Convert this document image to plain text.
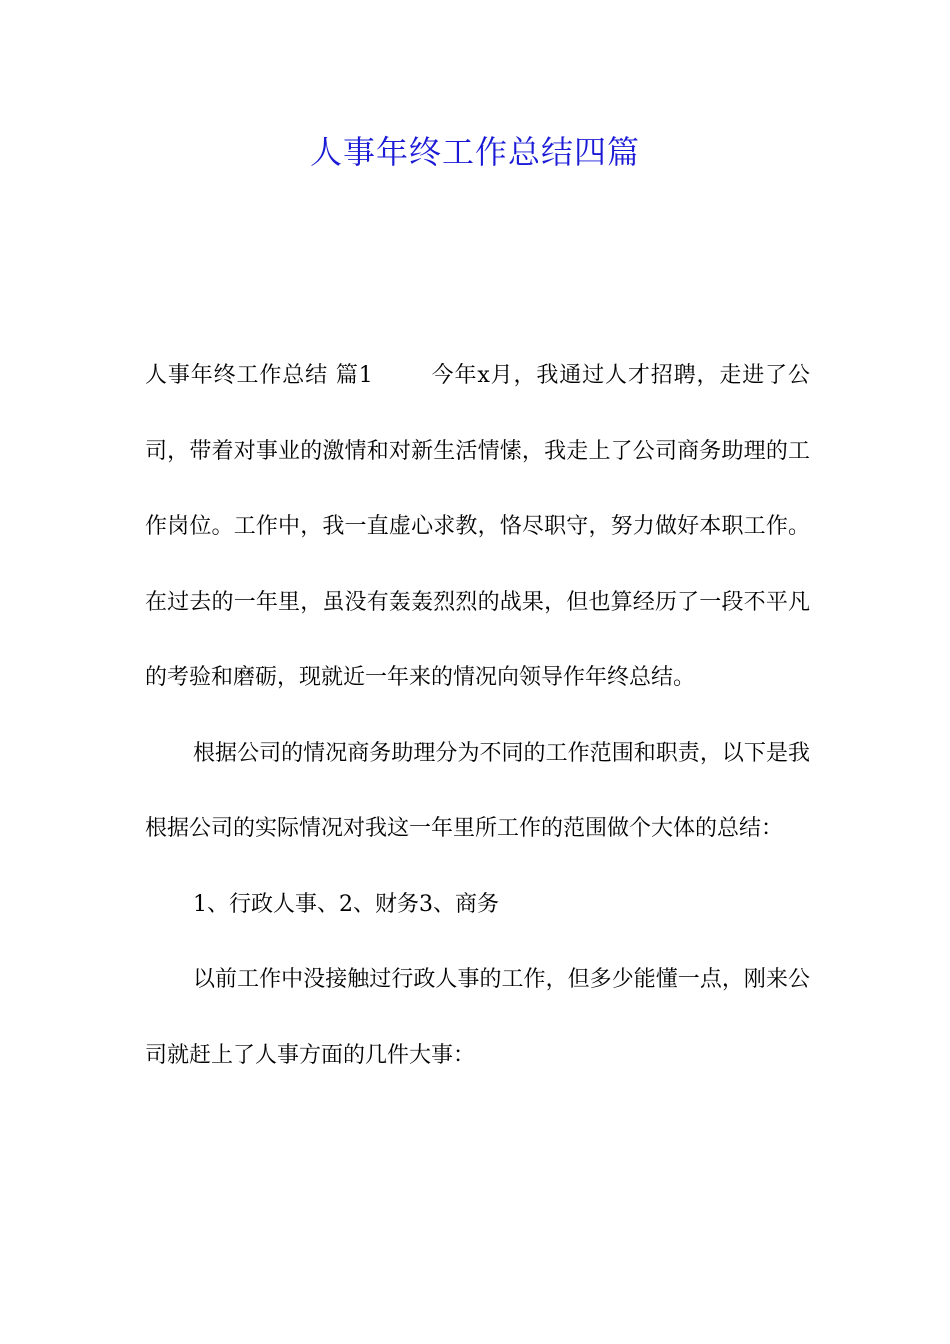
人事年终工作总结四篇

人事年终工作总结 篇1	今年x月，我通过人才招聘，走进了公司，带着对事业的激情和对新生活情愫，我走上了公司商务助理的工作岗位。工作中，我一直虚心求教，恪尽职守，努力做好本职工作。在过去的一年里，虽没有轰轰烈烈的战果，但也算经历了一段不平凡的考验和磨砺，现就近一年来的情况向领导作年终总结。

根据公司的情况商务助理分为不同的工作范围和职责，以下是我根据公司的实际情况对我这一年里所工作的范围做个大体的总结：

1、行政人事、2、财务3、商务

以前工作中没接触过行政人事的工作，但多少能懂一点，刚来公司就赶上了人事方面的几件大事：
